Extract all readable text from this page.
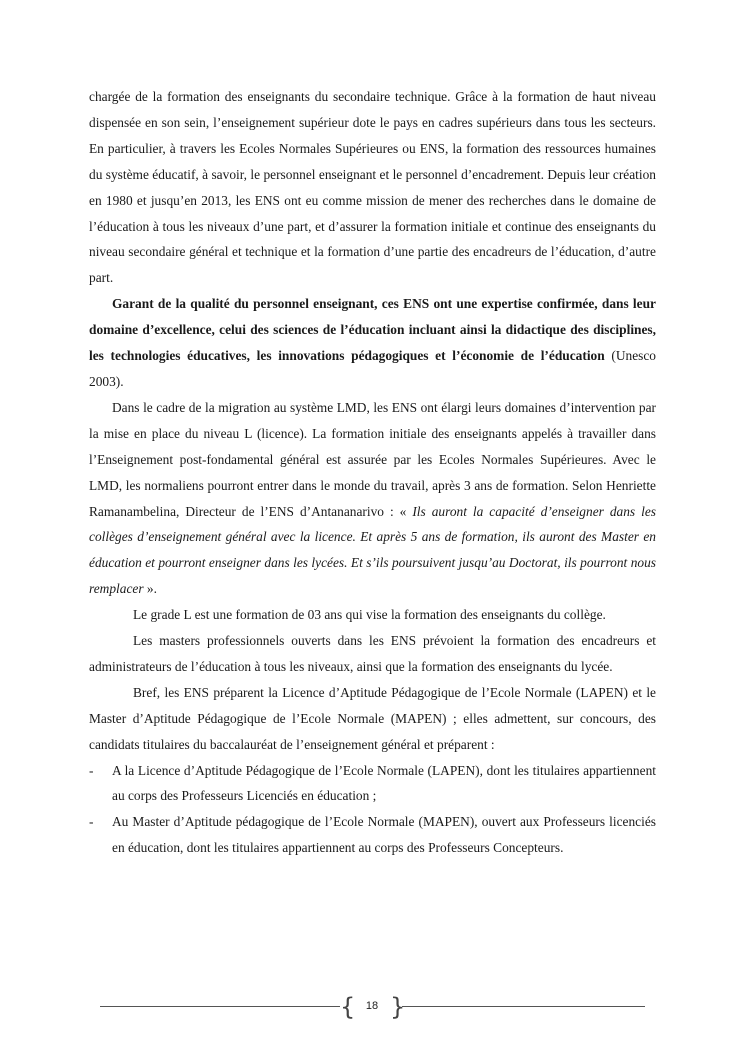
chargée de la formation des enseignants du secondaire technique. Grâce à la formation de haut niveau dispensée en son sein, l’enseignement supérieur dote le pays en cadres supérieurs dans tous les secteurs. En particulier, à travers les Ecoles Normales Supérieures ou ENS, la formation des ressources humaines du système éducatif, à savoir, le personnel enseignant et le personnel d’encadrement. Depuis leur création en 1980 et jusqu’en 2013, les ENS ont eu comme mission de mener des recherches dans le domaine de l’éducation à tous les niveaux d’une part, et d’assurer la formation initiale et continue des enseignants du niveau secondaire général et technique et la formation d’une partie des encadreurs de l’éducation, d’autre part.

Garant de la qualité du personnel enseignant, ces ENS ont une expertise confirmée, dans leur domaine d’excellence, celui des sciences de l’éducation incluant ainsi la didactique des disciplines, les technologies éducatives, les innovations pédagogiques et l’économie de l’éducation (Unesco 2003).

Dans le cadre de la migration au système LMD, les ENS ont élargi leurs domaines d’intervention par la mise en place du niveau L (licence). La formation initiale des enseignants appelés à travailler dans l’Enseignement post-fondamental général est assurée par les Ecoles Normales Supérieures. Avec le LMD, les normaliens pourront entrer dans le monde du travail, après 3 ans de formation. Selon Henriette Ramanambelina, Directeur de l’ENS d’Antananarivo : « Ils auront la capacité d’enseigner dans les collèges d’enseignement général avec la licence. Et après 5 ans de formation, ils auront des Master en éducation et pourront enseigner dans les lycées. Et s’ils poursuivent jusqu’au Doctorat, ils pourront nous remplacer ».

Le grade L est une formation de 03 ans qui vise la formation des enseignants du collège.

Les masters professionnels ouverts dans les ENS prévoient la formation des encadreurs et administrateurs de l’éducation à tous les niveaux, ainsi que la formation des enseignants du lycée.

Bref, les ENS préparent la Licence d’Aptitude Pédagogique de l’Ecole Normale (LAPEN) et le Master d’Aptitude Pédagogique de l’Ecole Normale (MAPEN) ; elles admettent, sur concours, des candidats titulaires du baccalauréat de l’enseignement général et préparent :

- A la Licence d’Aptitude Pédagogique de l’Ecole Normale (LAPEN), dont les titulaires appartiennent au corps des Professeurs Licenciés en éducation ;
- Au Master d’Aptitude pédagogique de l’Ecole Normale (MAPEN), ouvert aux Professeurs licenciés en éducation, dont les titulaires appartiennent au corps des Professeurs Concepteurs.
{ 18 }
